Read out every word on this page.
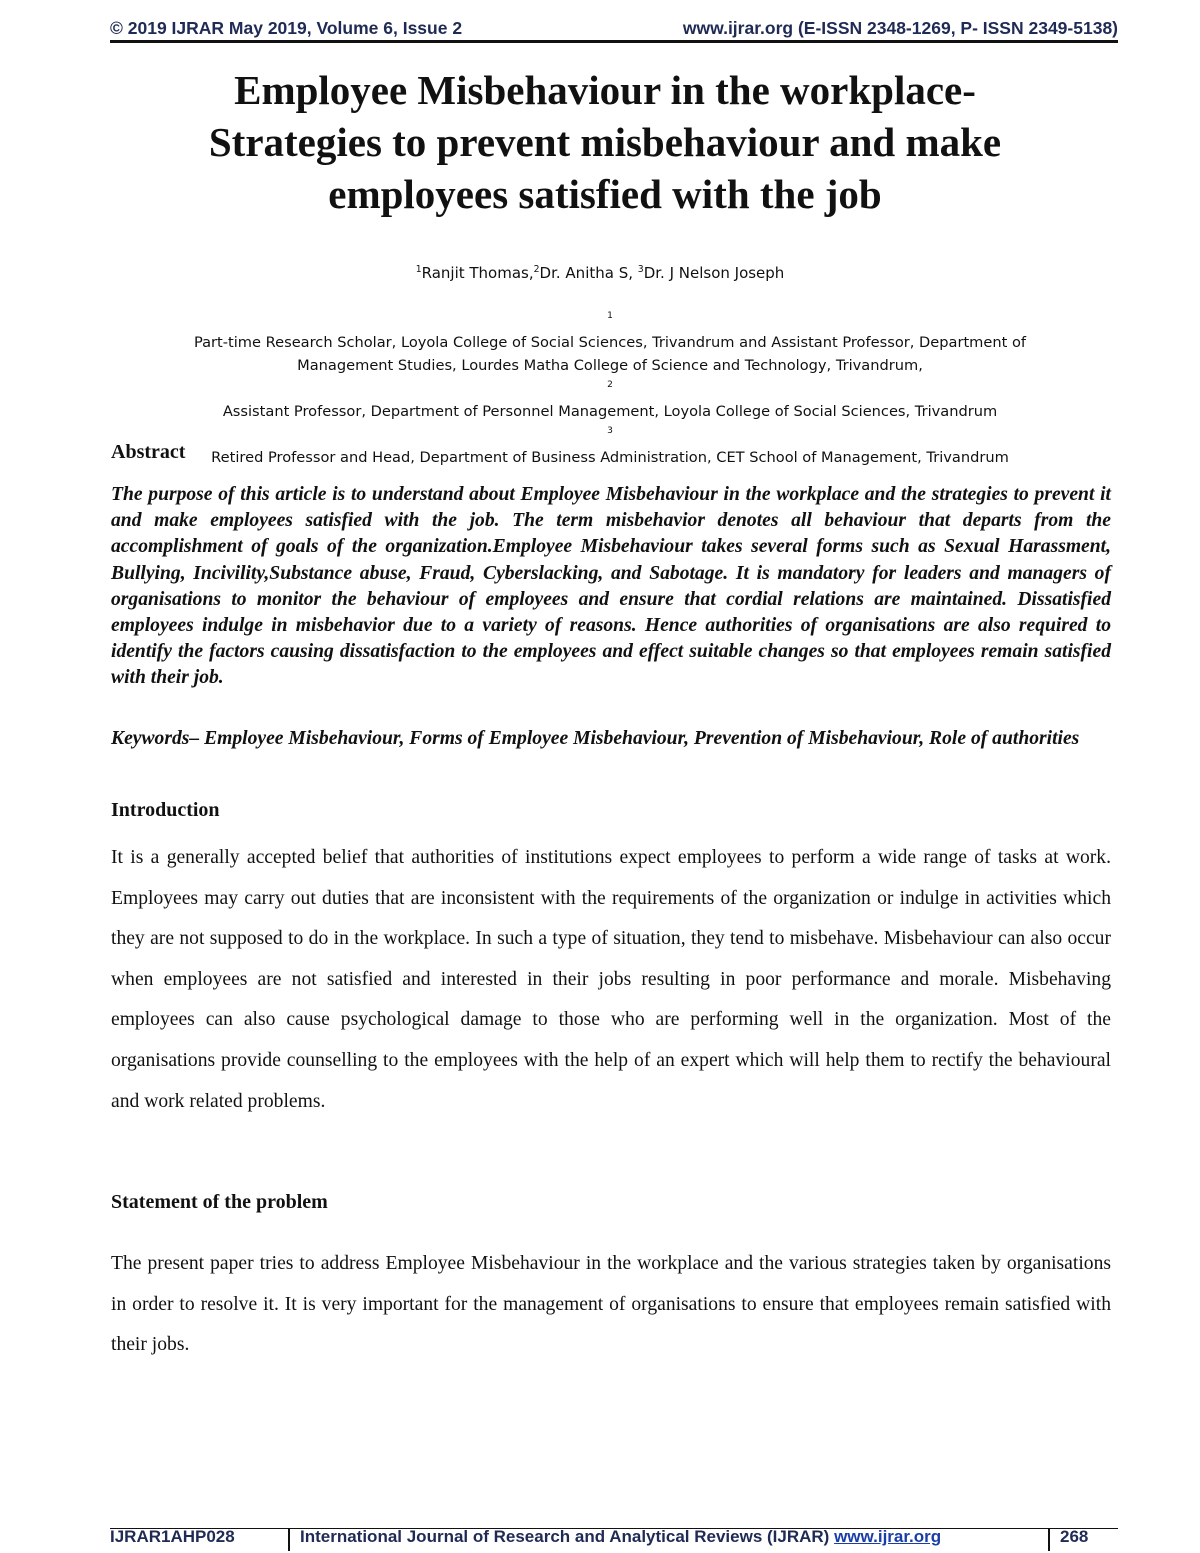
© 2019 IJRAR May 2019, Volume 6, Issue 2	www.ijrar.org (E-ISSN 2348-1269, P- ISSN 2349-5138)
Employee Misbehaviour in the workplace-
Strategies to prevent misbehaviour and make
employees satisfied with the job
$^1$Ranjit Thomas,$^2$Dr. Anitha S, $^3$Dr. J Nelson Joseph
$^1$
Part-time Research Scholar, Loyola College of Social Sciences, Trivandrum and Assistant Professor, Department of
Management Studies, Lourdes Matha College of Science and Technology, Trivandrum,
$^2$
Assistant Professor, Department of Personnel Management, Loyola College of Social Sciences, Trivandrum
$^3$
Retired Professor and Head, Department of Business Administration, CET School of Management, Trivandrum
Abstract

The purpose of this article is to understand about Employee Misbehaviour in the workplace and the strategies to prevent it and make employees satisfied with the job. The term misbehavior denotes all behaviour that departs from the accomplishment of goals of the organization.Employee Misbehaviour takes several forms such as Sexual Harassment, Bullying, Incivility,Substance abuse, Fraud, Cyberslacking, and Sabotage. It is mandatory for leaders and managers of organisations to monitor the behaviour of employees and ensure that cordial relations are maintained. Dissatisfied employees indulge in misbehavior due to a variety of reasons. Hence authorities of organisations are also required to identify the factors causing dissatisfaction to the employees and effect suitable changes so that employees remain satisfied with their job.

Keywords– Employee Misbehaviour, Forms of Employee Misbehaviour, Prevention of Misbehaviour, Role of authorities

Introduction

It is a generally accepted belief that authorities of institutions expect employees to perform a wide range of tasks at work. Employees may carry out duties that are inconsistent with the requirements of the organization or indulge in activities which they are not supposed to do in the workplace. In such a type of situation, they tend to misbehave. Misbehaviour can also occur when employees are not satisfied and interested in their jobs resulting in poor performance and morale. Misbehaving employees can also cause psychological damage to those who are performing well in the organization. Most of the organisations provide counselling to the employees with the help of an expert which will help them to rectify the behavioural and work related problems.

Statement of the problem

The present paper tries to address Employee Misbehaviour in the workplace and the various strategies taken by organisations in order to resolve it. It is very important for the management of organisations to ensure that employees remain satisfied with their jobs.

IJRAR1AHP028	International Journal of Research and Analytical Reviews (IJRAR) www.ijrar.org	268
